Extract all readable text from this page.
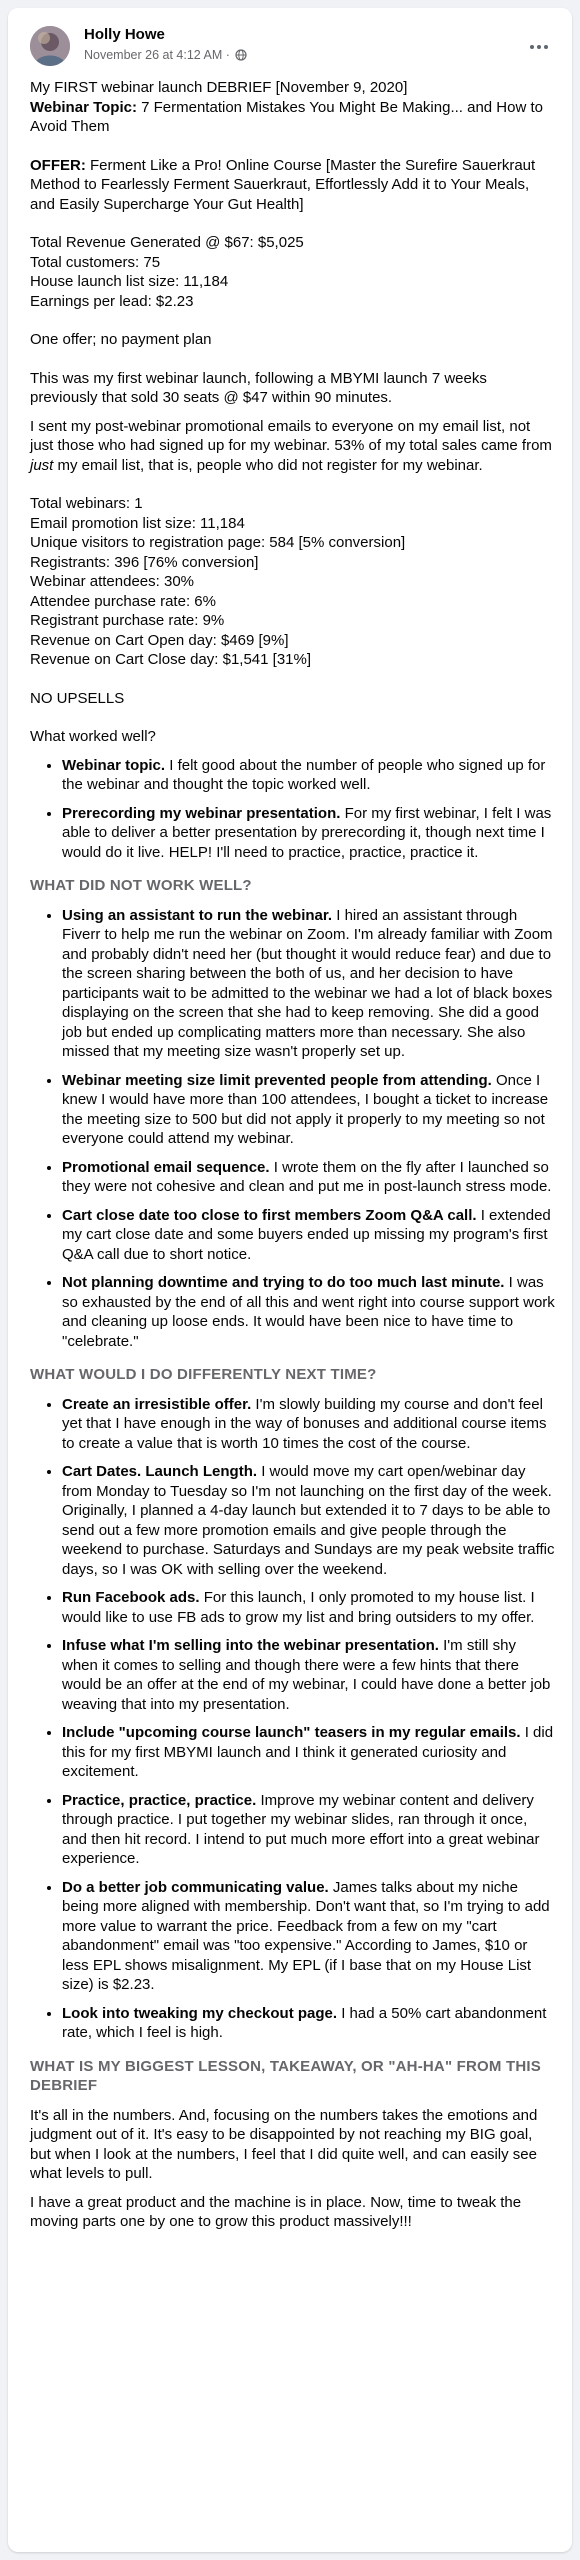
Holly Howe
November 26 at 4:12 AM ·

My FIRST webinar launch DEBRIEF [November 9, 2020]
Webinar Topic: 7 Fermentation Mistakes You Might Be Making... and How to Avoid Them

OFFER: Ferment Like a Pro! Online Course [Master the Surefire Sauerkraut Method to Fearlessly Ferment Sauerkraut, Effortlessly Add it to Your Meals, and Easily Supercharge Your Gut Health]

Total Revenue Generated @ $67: $5,025
Total customers: 75
House launch list size: 11,184
Earnings per lead: $2.23

One offer; no payment plan

This was my first webinar launch, following a MBYMI launch 7 weeks previously that sold 30 seats @ $47 within 90 minutes.

I sent my post-webinar promotional emails to everyone on my email list, not just those who had signed up for my webinar. 53% of my total sales came from just my email list, that is, people who did not register for my webinar.

Total webinars: 1
Email promotion list size: 11,184
Unique visitors to registration page: 584 [5% conversion]
Registrants: 396 [76% conversion]
Webinar attendees: 30%
Attendee purchase rate: 6%
Registrant purchase rate: 9%
Revenue on Cart Open day: $469 [9%]
Revenue on Cart Close day: $1,541 [31%]

NO UPSELLS

What worked well?

• Webinar topic. I felt good about the number of people who signed up for the webinar and thought the topic worked well.
• Prerecording my webinar presentation. For my first webinar, I felt I was able to deliver a better presentation by prerecording it, though next time I would do it live. HELP! I'll need to practice, practice, practice it.
WHAT DID NOT WORK WELL?
• Using an assistant to run the webinar. I hired an assistant through Fiverr to help me run the webinar on Zoom. I'm already familiar with Zoom and probably didn't need her (but thought it would reduce fear) and due to the screen sharing between the both of us, and her decision to have participants wait to be admitted to the webinar we had a lot of black boxes displaying on the screen that she had to keep removing. She did a good job but ended up complicating matters more than necessary. She also missed that my meeting size wasn't properly set up.
• Webinar meeting size limit prevented people from attending. Once I knew I would have more than 100 attendees, I bought a ticket to increase the meeting size to 500 but did not apply it properly to my meeting so not everyone could attend my webinar.
• Promotional email sequence. I wrote them on the fly after I launched so they were not cohesive and clean and put me in post-launch stress mode.
• Cart close date too close to first members Zoom Q&A call. I extended my cart close date and some buyers ended up missing my program's first Q&A call due to short notice.
• Not planning downtime and trying to do too much last minute. I was so exhausted by the end of all this and went right into course support work and cleaning up loose ends. It would have been nice to have time to "celebrate."
WHAT WOULD I DO DIFFERENTLY NEXT TIME?
• Create an irresistible offer. I'm slowly building my course and don't feel yet that I have enough in the way of bonuses and additional course items to create a value that is worth 10 times the cost of the course.
• Cart Dates. Launch Length. I would move my cart open/webinar day from Monday to Tuesday so I'm not launching on the first day of the week. Originally, I planned a 4-day launch but extended it to 7 days to be able to send out a few more promotion emails and give people through the weekend to purchase. Saturdays and Sundays are my peak website traffic days, so I was OK with selling over the weekend.
• Run Facebook ads. For this launch, I only promoted to my house list. I would like to use FB ads to grow my list and bring outsiders to my offer.
• Infuse what I'm selling into the webinar presentation. I'm still shy when it comes to selling and though there were a few hints that there would be an offer at the end of my webinar, I could have done a better job weaving that into my presentation.
• Include "upcoming course launch" teasers in my regular emails. I did this for my first MBYMI launch and I think it generated curiosity and excitement.
• Practice, practice, practice. Improve my webinar content and delivery through practice. I put together my webinar slides, ran through it once, and then hit record. I intend to put much more effort into a great webinar experience.
• Do a better job communicating value. James talks about my niche being more aligned with membership. Don't want that, so I'm trying to add more value to warrant the price. Feedback from a few on my "cart abandonment" email was "too expensive." According to James, $10 or less EPL shows misalignment. My EPL (if I base that on my House List size) is $2.23.
• Look into tweaking my checkout page. I had a 50% cart abandonment rate, which I feel is high.
WHAT IS MY BIGGEST LESSON, TAKEAWAY, OR "AH-HA" FROM THIS DEBRIEF

It's all in the numbers. And, focusing on the numbers takes the emotions and judgment out of it. It's easy to be disappointed by not reaching my BIG goal, but when I look at the numbers, I feel that I did quite well, and can easily see what levels to pull.

I have a great product and the machine is in place. Now, time to tweak the moving parts one by one to grow this product massively!!!
